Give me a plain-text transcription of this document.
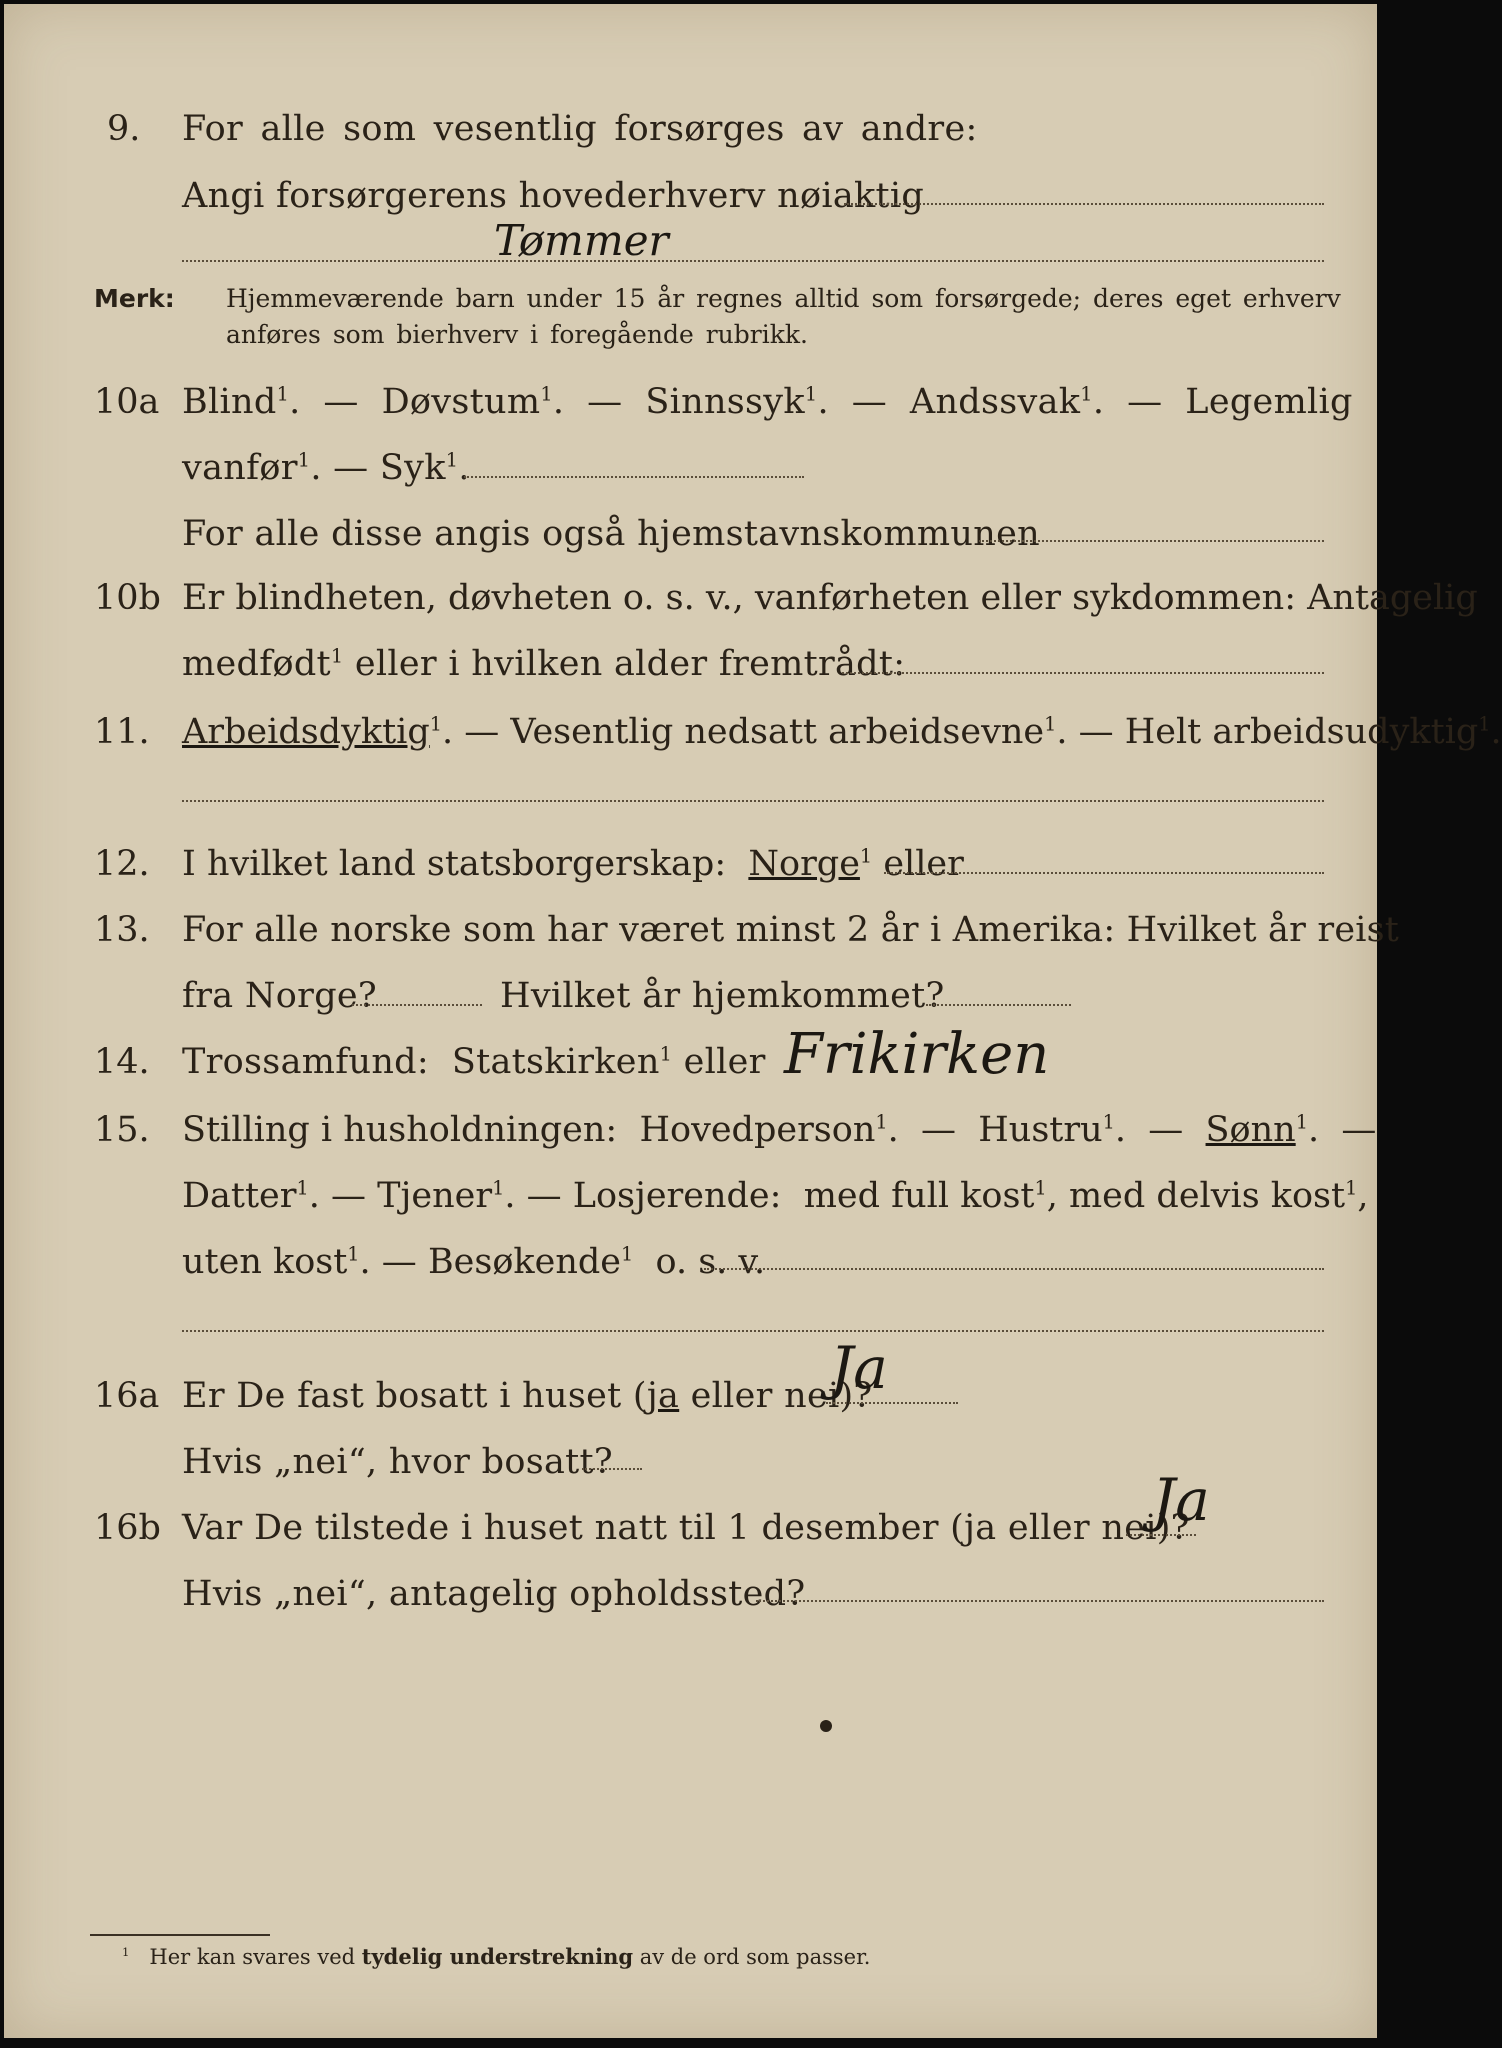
9. For alle som vesentlig forsørges av andre:
Angi forsørgerens hovederhverv nøiaktig
Tømmer
Merk: Hjemmeværende barn under 15 år regnes alltid som forsørgede; deres eget erhverv
anføres som bierhverv i foregående rubrikk.
10a Blind$^1$.  —  Døvstum$^1$.  —  Sinnssyk$^1$.  —  Andssvak$^1$.  —  Legemlig
vanfør$^1$. — Syk$^1$.
For alle disse angis også hjemstavnskommunen
10b Er blindheten, døvheten o. s. v., vanførheten eller sykdommen: Antagelig
medfødt$^1$ eller i hvilken alder fremtrådt:
11. Arbeidsdyktig$^1$. — Vesentlig nedsatt arbeidsevne$^1$. — Helt arbeidsudyktig$^1$.
12. I hvilket land statsborgerskap: Norge$^1$ eller
13. For alle norske som har været minst 2 år i Amerika: Hvilket år reist
fra Norge?	Hvilket år hjemkommet?
14. Trossamfund: Statskirken$^1$ eller Frikirken
15. Stilling i husholdningen: Hovedperson$^1$.  —  Hustru$^1$.  —  Sønn$^1$.  —
Datter$^1$. — Tjener$^1$. — Losjerende: med full kost$^1$, med delvis kost$^1$,
uten kost$^1$. — Besøkende$^1$ o. s. v.
16a Er De fast bosatt i huset (ja eller nei)?
Ja
Hvis „nei“, hvor bosatt?
16b Var De tilstede i huset natt til 1 desember (ja eller nei)?
Ja
Hvis „nei“, antagelig opholdssted?
$^1$ Her kan svares ved tydelig understrekning av de ord som passer.
